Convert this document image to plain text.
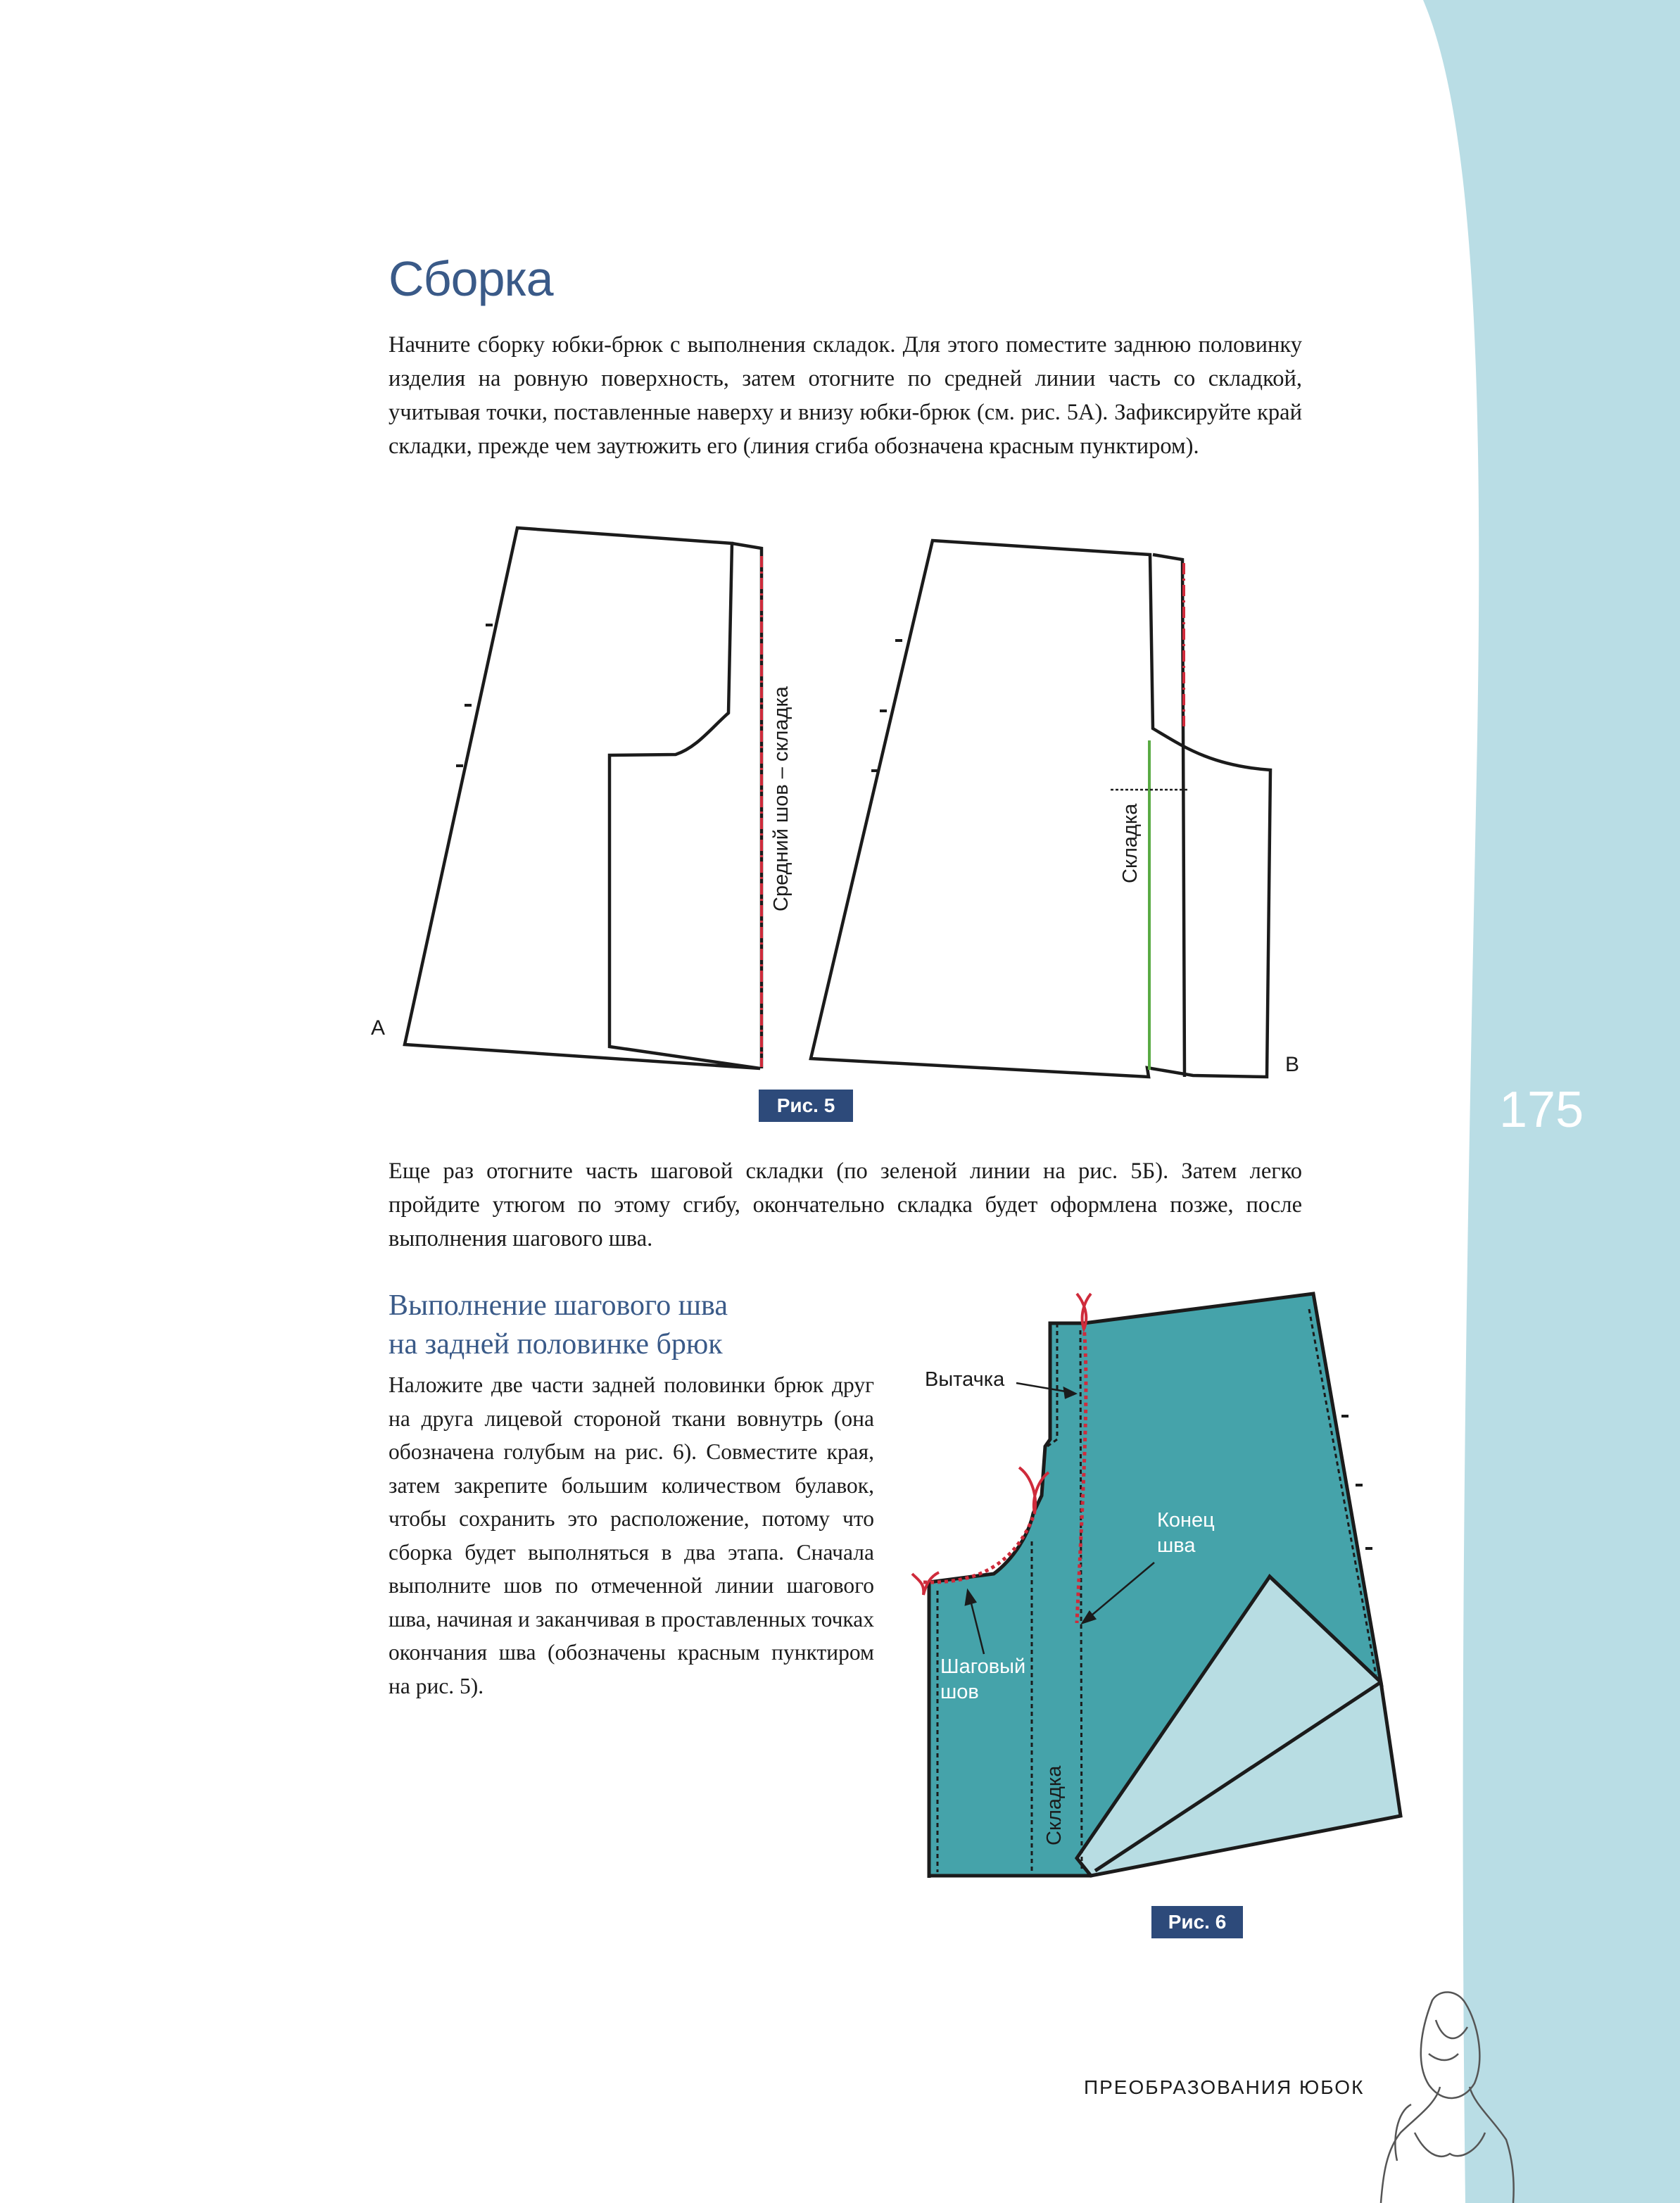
Сборка
Начните сборку юбки-брюк с выполнения складок. Для этого поместите заднюю половинку изделия на ровную поверхность, затем отогните по средней линии часть со складкой, учитывая точки, поставленные наверху и внизу юбки-брюк (см. рис. 5А). Зафиксируйте край складки, прежде чем заутюжить его (линия сгиба обозначена красным пунктиром).
A
B
Средний шов – складка	Складка
Рис. 5	175
Еще раз отогните часть шаговой складки (по зеленой линии на рис. 5Б). Затем легко пройдите утюгом по этому сгибу, окончательно складка будет оформлена позже, после выполнения шагового шва.
Выполнение шагового шва
на задней половинке брюк
Наложите две части задней половинки брюк друг на друга лицевой стороной ткани вовнутрь (она обозначена голубым на рис. 6). Совместите края, затем закрепите большим количеством булавок, чтобы сохранить это расположение, потому что сборка будет выполняться в два этапа. Сначала выполните шов по отмеченной линии шагового шва, начиная и заканчивая в проставленных точках окончания шва (обозначены красным пунктиром на рис. 5).
Вытачка
Конец
шва
Шаговый
шов
Складка
Рис. 6
ПРЕОБРАЗОВАНИЯ ЮБОК
